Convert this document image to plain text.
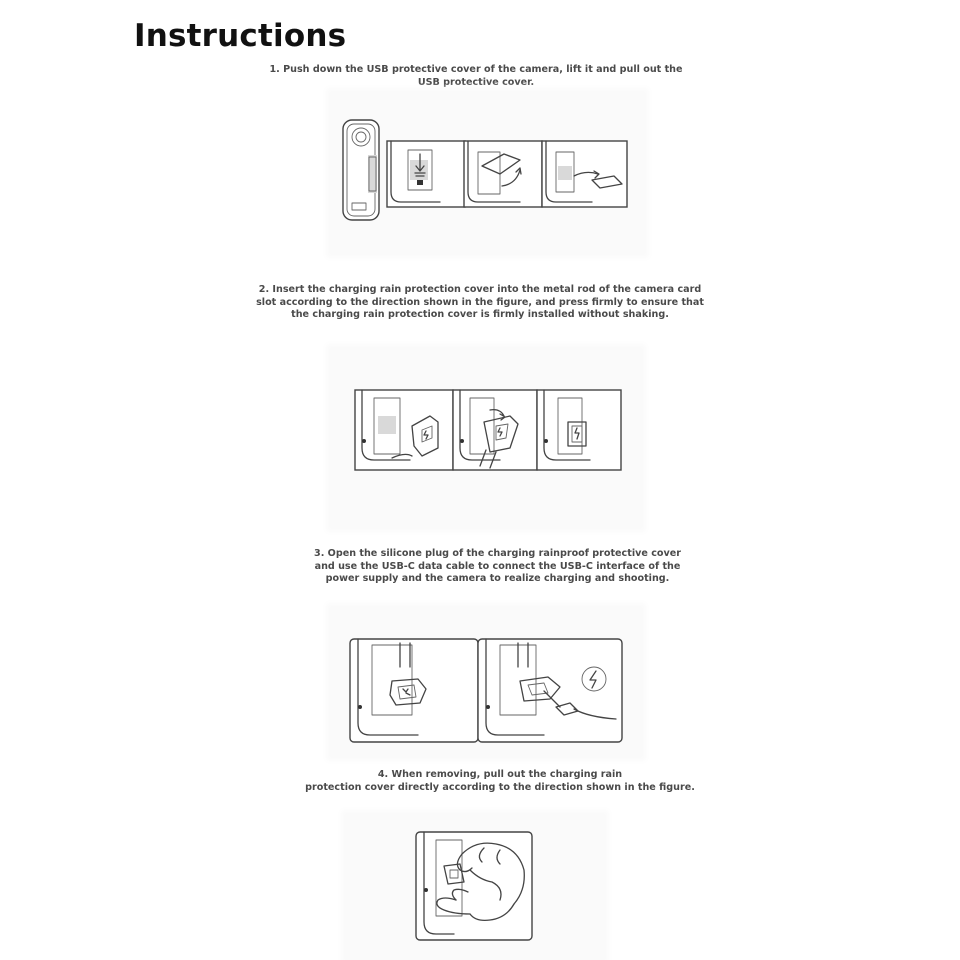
Instructions
1. Push down the USB protective cover of the camera, lift it and pull out the
USB protective cover.
2. Insert the charging rain protection cover into the metal rod of the camera card
slot according to the direction shown in the figure, and press firmly to ensure that
the charging rain protection cover is firmly installed without shaking.
3. Open the silicone plug of the charging rainproof protective cover
and use the USB-C data cable to connect the USB-C interface of the
power supply and the camera to realize charging and shooting.
4. When removing, pull out the charging rain
protection cover directly according to the direction shown in the figure.
